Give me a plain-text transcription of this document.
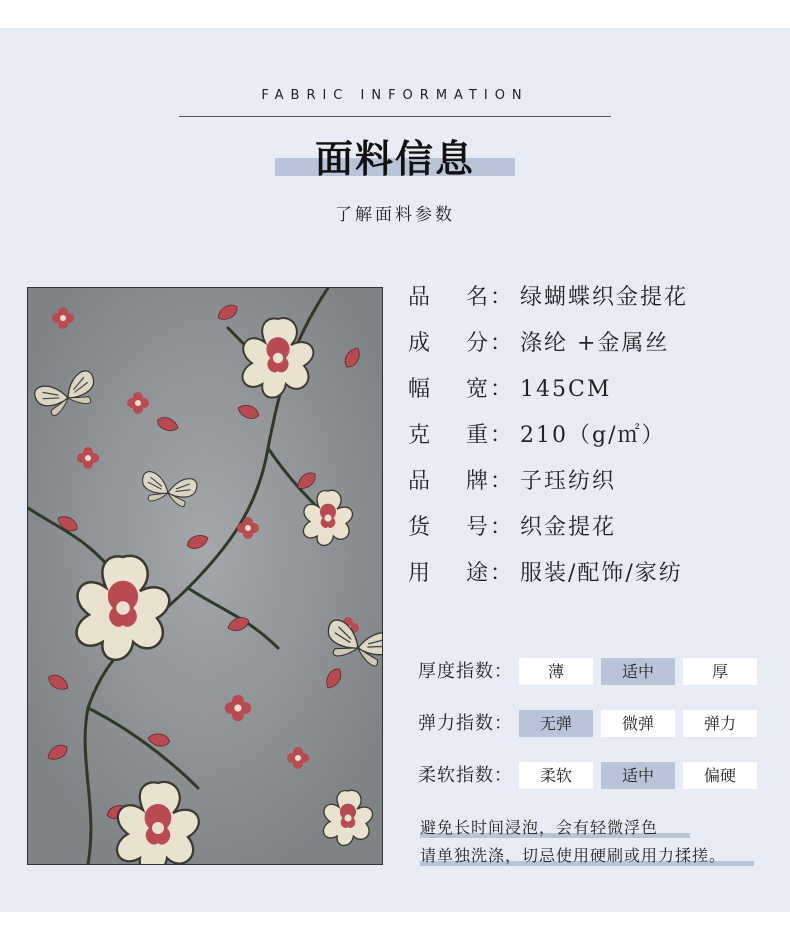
FABRIC INFORMATION
面料信息
了解面料参数
品 名： 绿蝴蝶织金提花
成 分： 涤纶 +金属丝
幅 宽： 145CM
克 重： 210（g/㎡）
品 牌： 子珏纺织
货 号： 织金提花
用 途： 服装/配饰/家纺
厚度指数：	薄	适中	厚
弹力指数：	无弹	微弹	弹力
柔软指数：	柔软	适中	偏硬
避免长时间浸泡，会有轻微浮色
请单独洗涤，切忌使用硬刷或用力揉搓。
